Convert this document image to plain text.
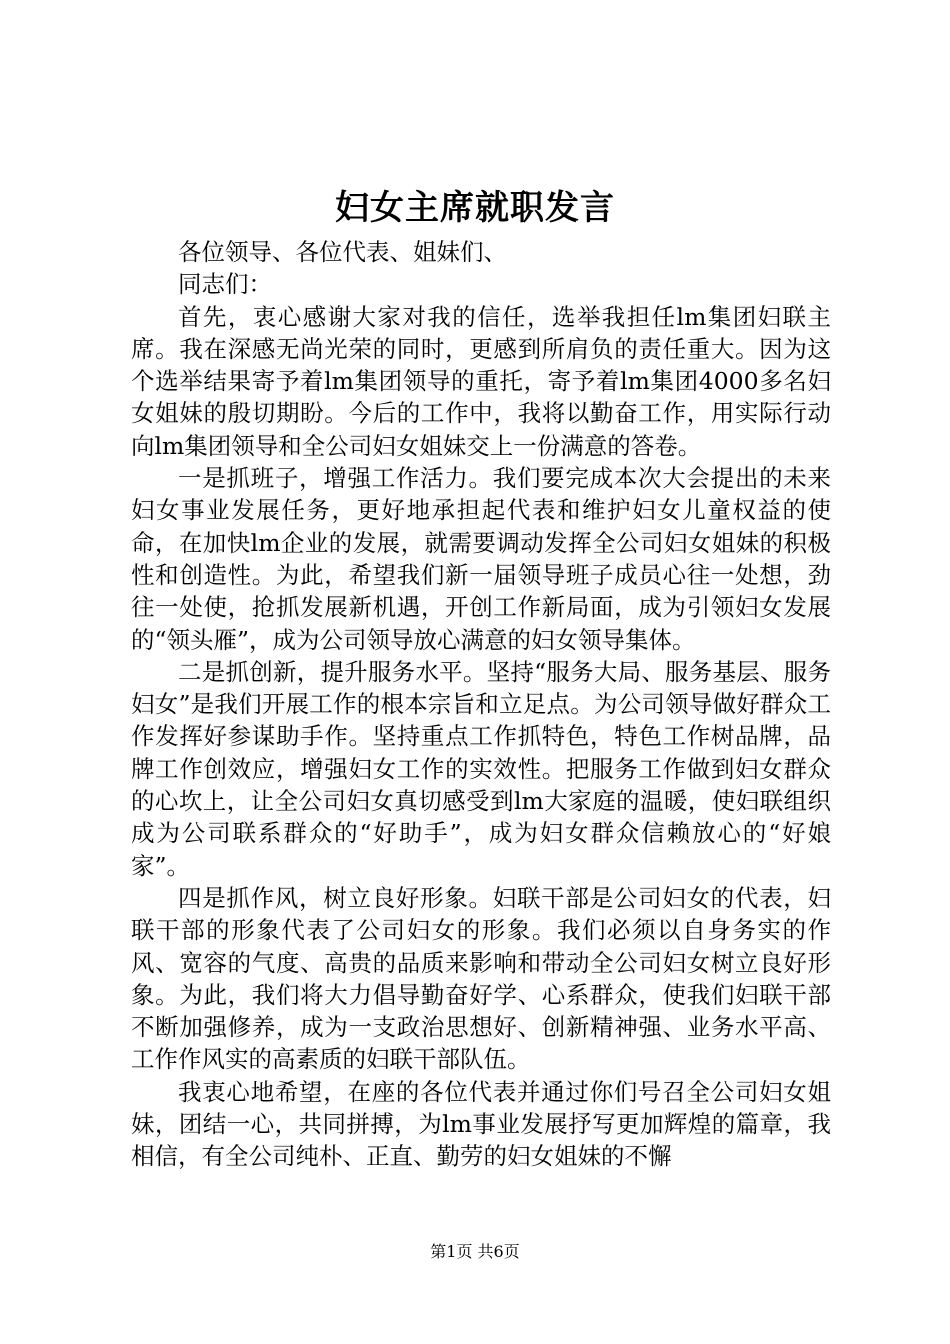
妇女主席就职发言

各位领导、各位代表、姐妹们、

同志们：

首先，衷心感谢大家对我的信任，选举我担任lm集团妇联主席。我在深感无尚光荣的同时，更感到所肩负的责任重大。因为这个选举结果寄予着lm集团领导的重托，寄予着lm集团4000多名妇女姐妹的殷切期盼。今后的工作中，我将以勤奋工作，用实际行动向lm集团领导和全公司妇女姐妹交上一份满意的答卷。

一是抓班子，增强工作活力。我们要完成本次大会提出的未来妇女事业发展任务，更好地承担起代表和维护妇女儿童权益的使命，在加快lm企业的发展，就需要调动发挥全公司妇女姐妹的积极性和创造性。为此，希望我们新一届领导班子成员心往一处想，劲往一处使，抢抓发展新机遇，开创工作新局面，成为引领妇女发展的“领头雁”，成为公司领导放心满意的妇女领导集体。

二是抓创新，提升服务水平。坚持“服务大局、服务基层、服务妇女”是我们开展工作的根本宗旨和立足点。为公司领导做好群众工作发挥好参谋助手作。坚持重点工作抓特色，特色工作树品牌，品牌工作创效应，增强妇女工作的实效性。把服务工作做到妇女群众的心坎上，让全公司妇女真切感受到lm大家庭的温暖，使妇联组织成为公司联系群众的“好助手”，成为妇女群众信赖放心的“好娘家”。

四是抓作风，树立良好形象。妇联干部是公司妇女的代表，妇联干部的形象代表了公司妇女的形象。我们必须以自身务实的作风、宽容的气度、高贵的品质来影响和带动全公司妇女树立良好形象。为此，我们将大力倡导勤奋好学、心系群众，使我们妇联干部不断加强修养，成为一支政治思想好、创新精神强、业务水平高、工作作风实的高素质的妇联干部队伍。

我衷心地希望，在座的各位代表并通过你们号召全公司妇女姐妹，团结一心，共同拼搏，为lm事业发展抒写更加辉煌的篇章，我相信，有全公司纯朴、正直、勤劳的妇女姐妹的不懈

第1页 共6页
